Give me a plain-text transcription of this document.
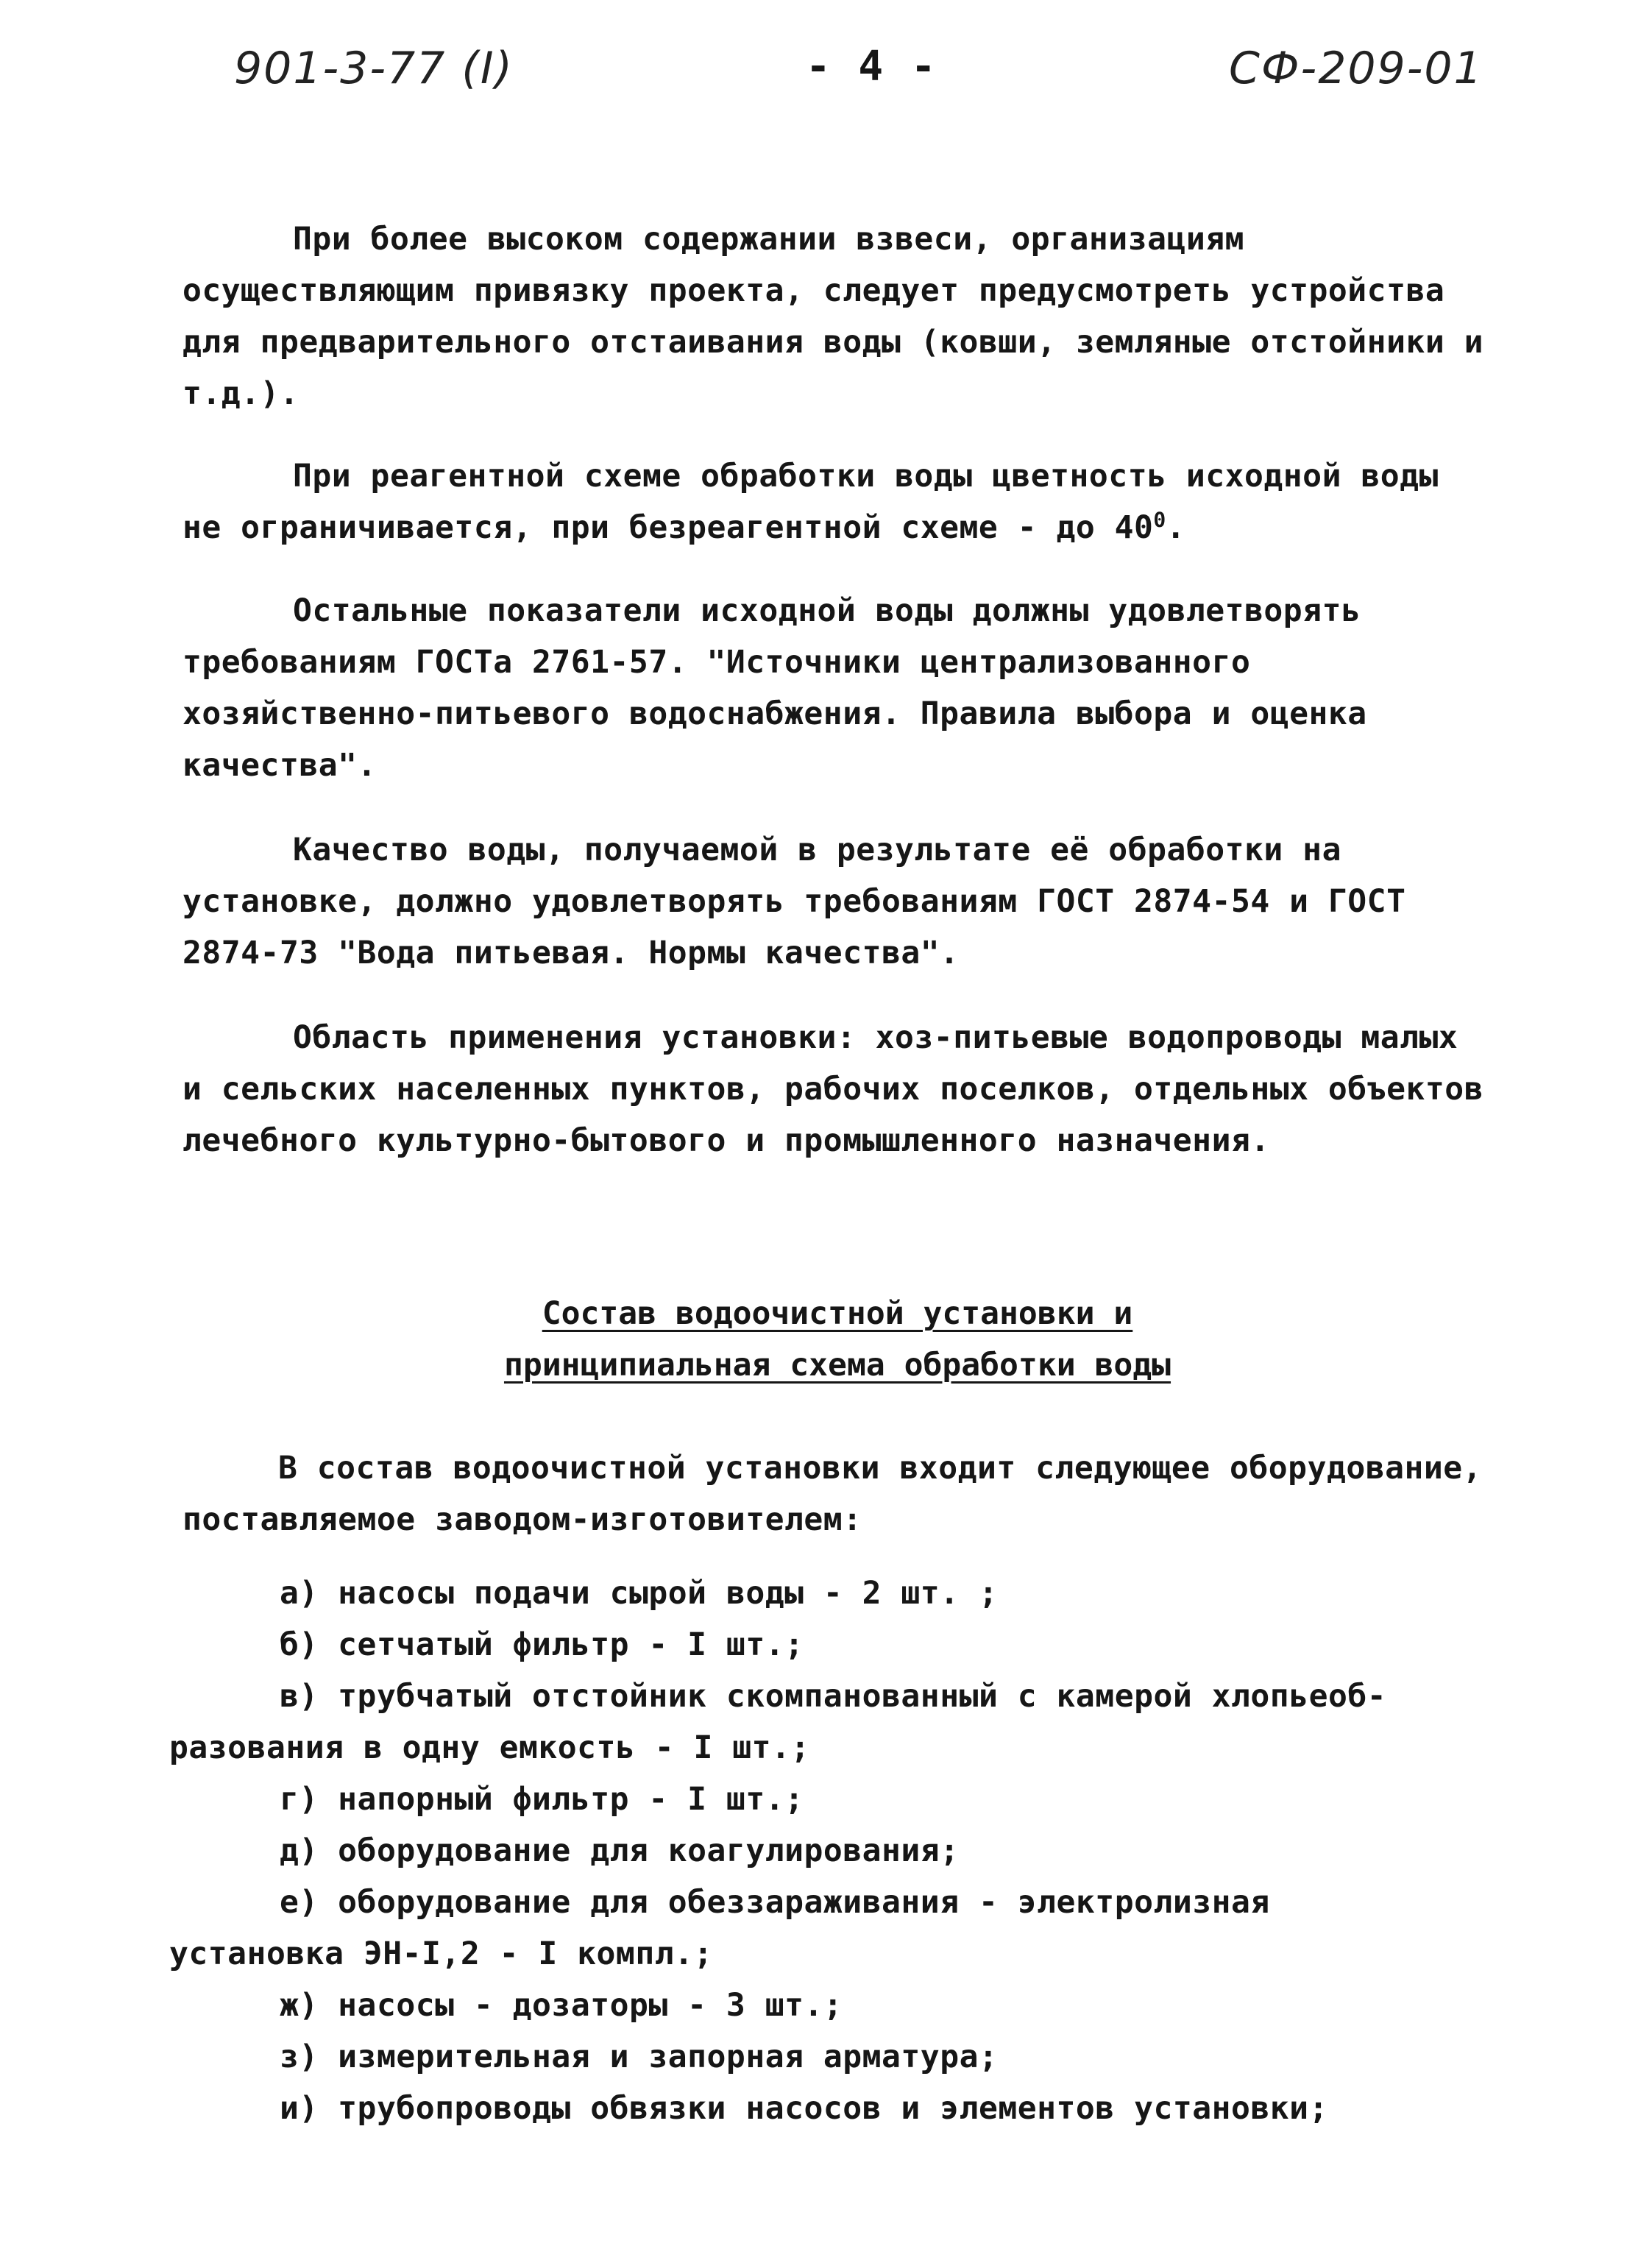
901-3-77 (I)	- 4 -	СФ-209-01

При более высоком содержании взвеси, организациям осуществляющим привязку проекта, следует предусмотреть устройства для предварительного отстаивания воды (ковши, земляные отстойники и т.д.).

При реагентной схеме обработки воды цветность исходной воды не ограничивается, при безреагентной схеме - до $40^0$.

Остальные показатели исходной воды должны удовлетворять требованиям ГОСТа 2761-57. "Источники централизованного хозяйственно-питьевого водоснабжения. Правила выбора и оценка качества".

Качество воды, получаемой в результате её обработки на установке, должно удовлетворять требованиям ГОСТ 2874-54 и ГОСТ 2874-73 "Вода питьевая. Нормы качества".

Область применения установки: хоз-питьевые водопроводы малых и сельских населенных пунктов, рабочих поселков, отдельных объектов лечебного культурно-бытового и промышленного назначения.

Состав водоочистной установки и
принципиальная схема обработки воды

В состав водоочистной установки входит следующее оборудование, поставляемое заводом-изготовителем:

а) насосы подачи сырой воды - 2 шт. ;

б) сетчатый фильтр - I шт.;

в) трубчатый отстойник скомпанованный с камерой хлопьеоб-
разования в одну емкость - I шт.;

г) напорный фильтр - I шт.;

д) оборудование для коагулирования;

е) оборудование для обеззараживания - электролизная
установка ЭН-I,2 - I компл.;

ж) насосы - дозаторы - 3 шт.;

з) измерительная и запорная арматура;

и) трубопроводы обвязки насосов и элементов установки;
